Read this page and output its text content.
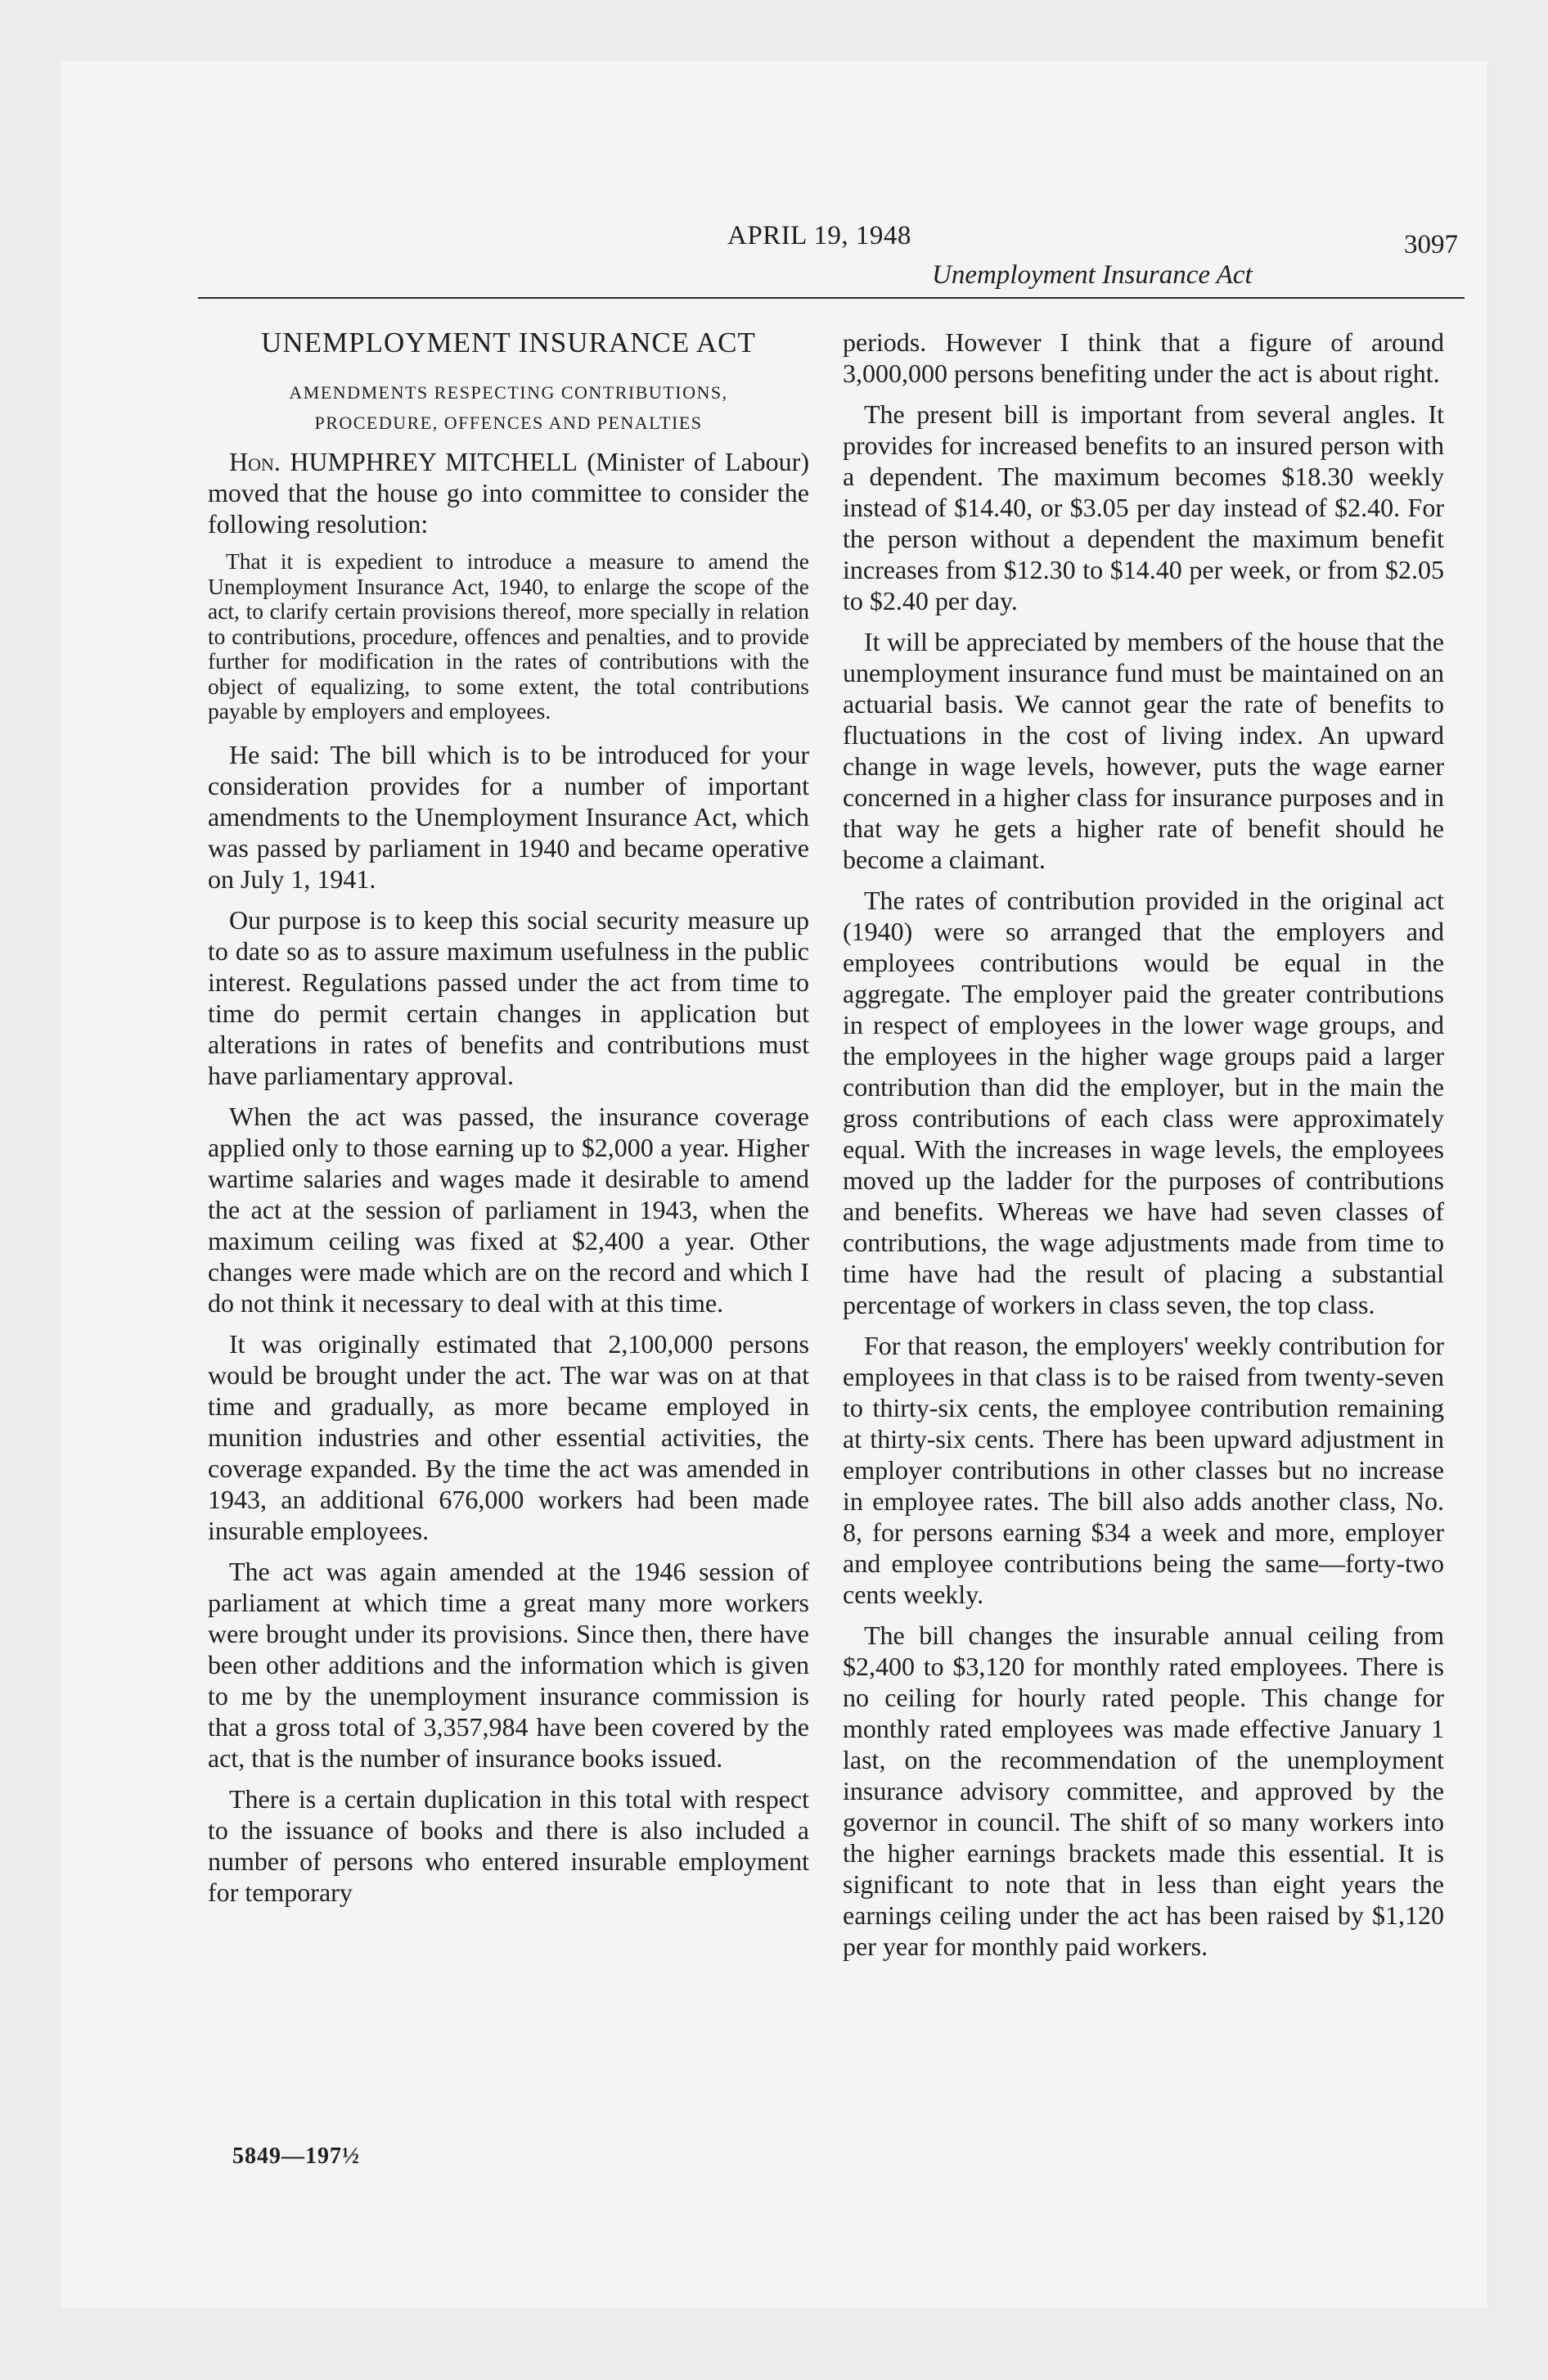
APRIL 19, 1948	3097
Unemployment Insurance Act
UNEMPLOYMENT INSURANCE ACT
AMENDMENTS RESPECTING CONTRIBUTIONS,
PROCEDURE, OFFENCES AND PENALTIES

Hon. HUMPHREY MITCHELL (Minister of Labour) moved that the house go into committee to consider the following resolution:

That it is expedient to introduce a measure to amend the Unemployment Insurance Act, 1940, to enlarge the scope of the act, to clarify certain provisions thereof, more specially in relation to contributions, procedure, offences and penalties, and to provide further for modification in the rates of contributions with the object of equalizing, to some extent, the total contributions payable by employers and employees.

He said: The bill which is to be introduced for your consideration provides for a number of important amendments to the Unemployment Insurance Act, which was passed by parliament in 1940 and became operative on July 1, 1941.

Our purpose is to keep this social security measure up to date so as to assure maximum usefulness in the public interest. Regulations passed under the act from time to time do permit certain changes in application but alterations in rates of benefits and contributions must have parliamentary approval.

When the act was passed, the insurance coverage applied only to those earning up to $2,000 a year. Higher wartime salaries and wages made it desirable to amend the act at the session of parliament in 1943, when the maximum ceiling was fixed at $2,400 a year. Other changes were made which are on the record and which I do not think it necessary to deal with at this time.

It was originally estimated that 2,100,000 persons would be brought under the act. The war was on at that time and gradually, as more became employed in munition industries and other essential activities, the coverage expanded. By the time the act was amended in 1943, an additional 676,000 workers had been made insurable employees.

The act was again amended at the 1946 session of parliament at which time a great many more workers were brought under its provisions. Since then, there have been other additions and the information which is given to me by the unemployment insurance commission is that a gross total of 3,357,984 have been covered by the act, that is the number of insurance books issued.

There is a certain duplication in this total with respect to the issuance of books and there is also included a number of persons who entered insurable employment for temporary

periods. However I think that a figure of around 3,000,000 persons benefiting under the act is about right.

The present bill is important from several angles. It provides for increased benefits to an insured person with a dependent. The maximum becomes $18.30 weekly instead of $14.40, or $3.05 per day instead of $2.40. For the person without a dependent the maximum benefit increases from $12.30 to $14.40 per week, or from $2.05 to $2.40 per day.

It will be appreciated by members of the house that the unemployment insurance fund must be maintained on an actuarial basis. We cannot gear the rate of benefits to fluctuations in the cost of living index. An upward change in wage levels, however, puts the wage earner concerned in a higher class for insurance purposes and in that way he gets a higher rate of benefit should he become a claimant.

The rates of contribution provided in the original act (1940) were so arranged that the employers and employees contributions would be equal in the aggregate. The employer paid the greater contributions in respect of employees in the lower wage groups, and the employees in the higher wage groups paid a larger contribution than did the employer, but in the main the gross contributions of each class were approximately equal. With the increases in wage levels, the employees moved up the ladder for the purposes of contributions and benefits. Whereas we have had seven classes of contributions, the wage adjustments made from time to time have had the result of placing a substantial percentage of workers in class seven, the top class.

For that reason, the employers' weekly contribution for employees in that class is to be raised from twenty-seven to thirty-six cents, the employee contribution remaining at thirty-six cents. There has been upward adjustment in employer contributions in other classes but no increase in employee rates. The bill also adds another class, No. 8, for persons earning $34 a week and more, employer and employee contributions being the same—forty-two cents weekly.

The bill changes the insurable annual ceiling from $2,400 to $3,120 for monthly rated employees. There is no ceiling for hourly rated people. This change for monthly rated employees was made effective January 1 last, on the recommendation of the unemployment insurance advisory committee, and approved by the governor in council. The shift of so many workers into the higher earnings brackets made this essential. It is significant to note that in less than eight years the earnings ceiling under the act has been raised by $1,120 per year for monthly paid workers.

5849—197½
